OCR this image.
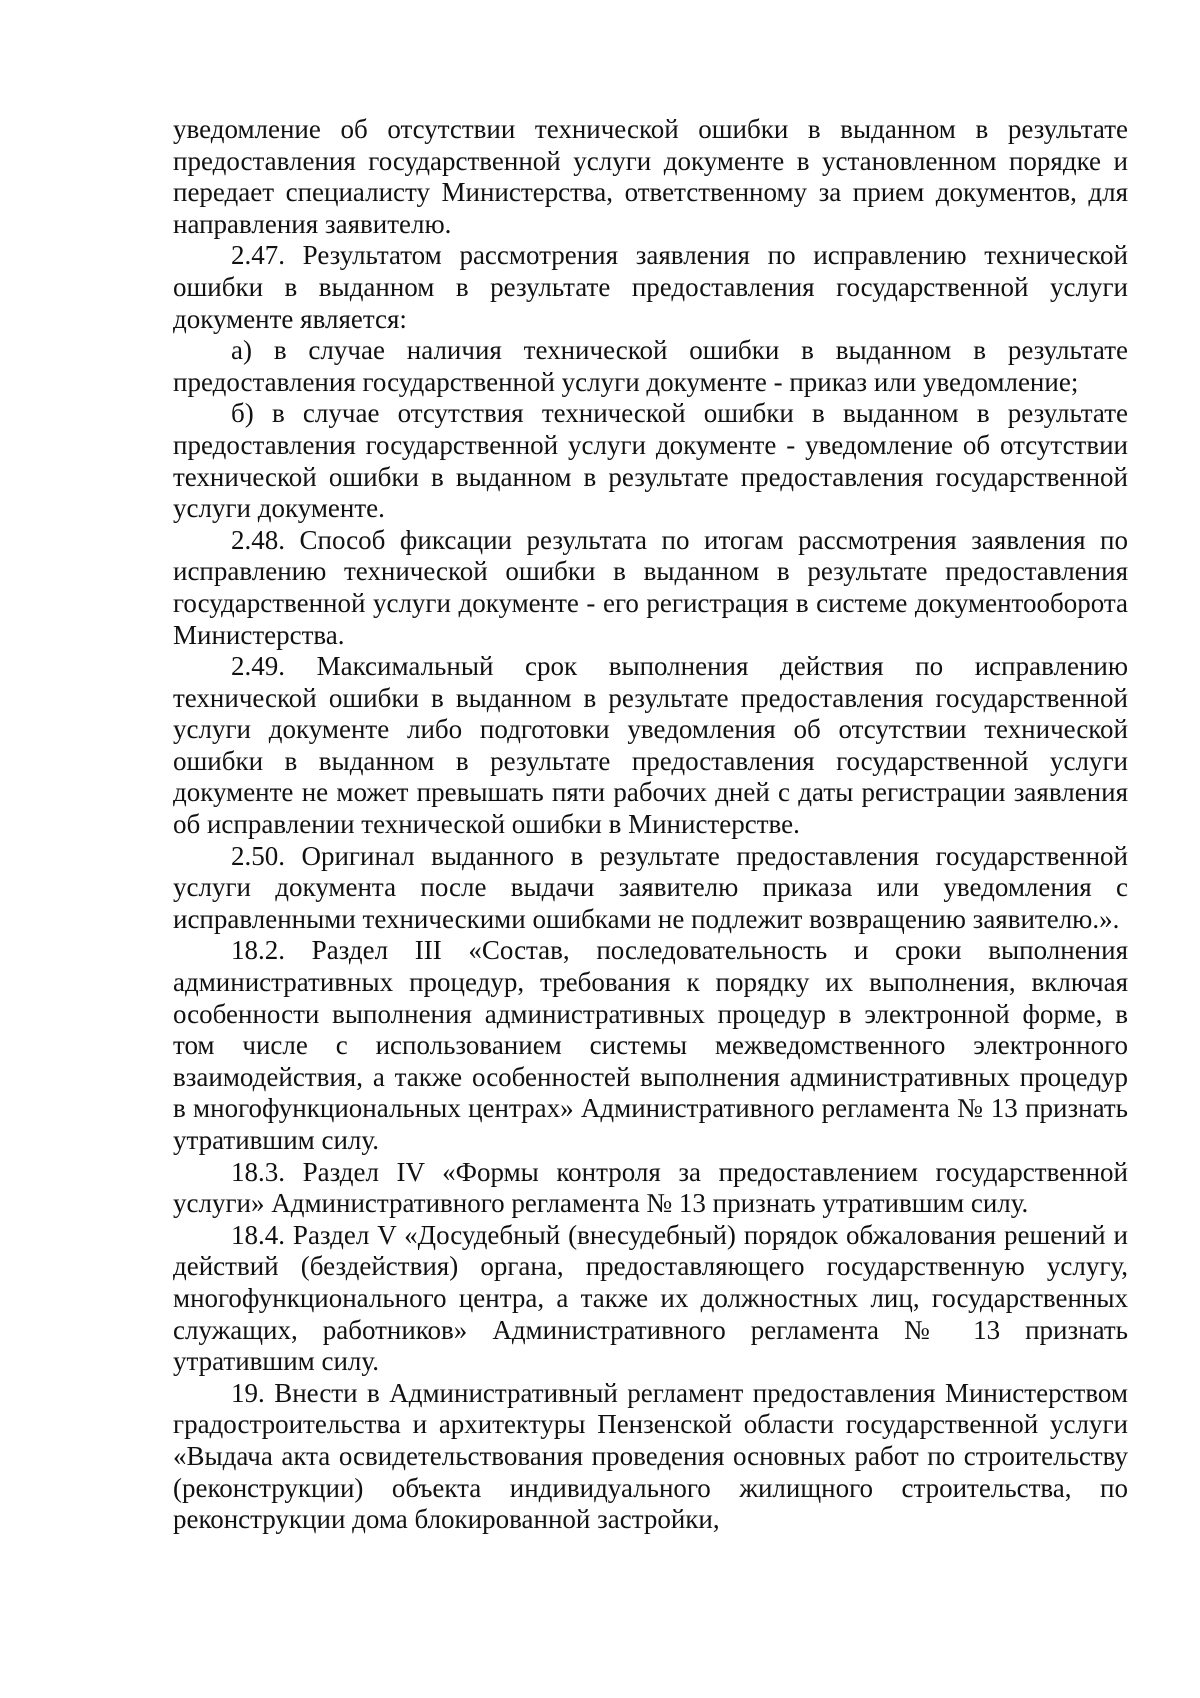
уведомление об отсутствии технической ошибки в выданном в результате предоставления государственной услуги документе в установленном порядке и передает специалисту Министерства, ответственному за прием документов, для направления заявителю.

2.47. Результатом рассмотрения заявления по исправлению технической ошибки в выданном в результате предоставления государственной услуги документе является:

а) в случае наличия технической ошибки в выданном в результате предоставления государственной услуги документе - приказ или уведомление;

б) в случае отсутствия технической ошибки в выданном в результате предоставления государственной услуги документе - уведомление об отсутствии технической ошибки в выданном в результате предоставления государственной услуги документе.

2.48. Способ фиксации результата по итогам рассмотрения заявления по исправлению технической ошибки в выданном в результате предоставления государственной услуги документе - его регистрация в системе документооборота Министерства.

2.49. Максимальный срок выполнения действия по исправлению технической ошибки в выданном в результате предоставления государственной услуги документе либо подготовки уведомления об отсутствии технической ошибки в выданном в результате предоставления государственной услуги документе не может превышать пяти рабочих дней с даты регистрации заявления об исправлении технической ошибки в Министерстве.

2.50. Оригинал выданного в результате предоставления государственной услуги документа после выдачи заявителю приказа или уведомления с исправленными техническими ошибками не подлежит возвращению заявителю.».

18.2. Раздел III «Состав, последовательность и сроки выполнения административных процедур, требования к порядку их выполнения, включая особенности выполнения административных процедур в электронной форме, в том числе с использованием системы межведомственного электронного взаимодействия, а также особенностей выполнения административных процедур в многофункциональных центрах» Административного регламента № 13 признать утратившим силу.

18.3. Раздел IV «Формы контроля за предоставлением государственной услуги» Административного регламента № 13 признать утратившим силу.

18.4. Раздел V «Досудебный (внесудебный) порядок обжалования решений и действий (бездействия) органа, предоставляющего государственную услугу, многофункционального центра, а также их должностных лиц, государственных служащих, работников» Административного регламента № 13 признать утратившим силу.

19. Внести в Административный регламент предоставления Министерством градостроительства и архитектуры Пензенской области государственной услуги «Выдача акта освидетельствования проведения основных работ по строительству (реконструкции) объекта индивидуального жилищного строительства, по реконструкции дома блокированной застройки,
